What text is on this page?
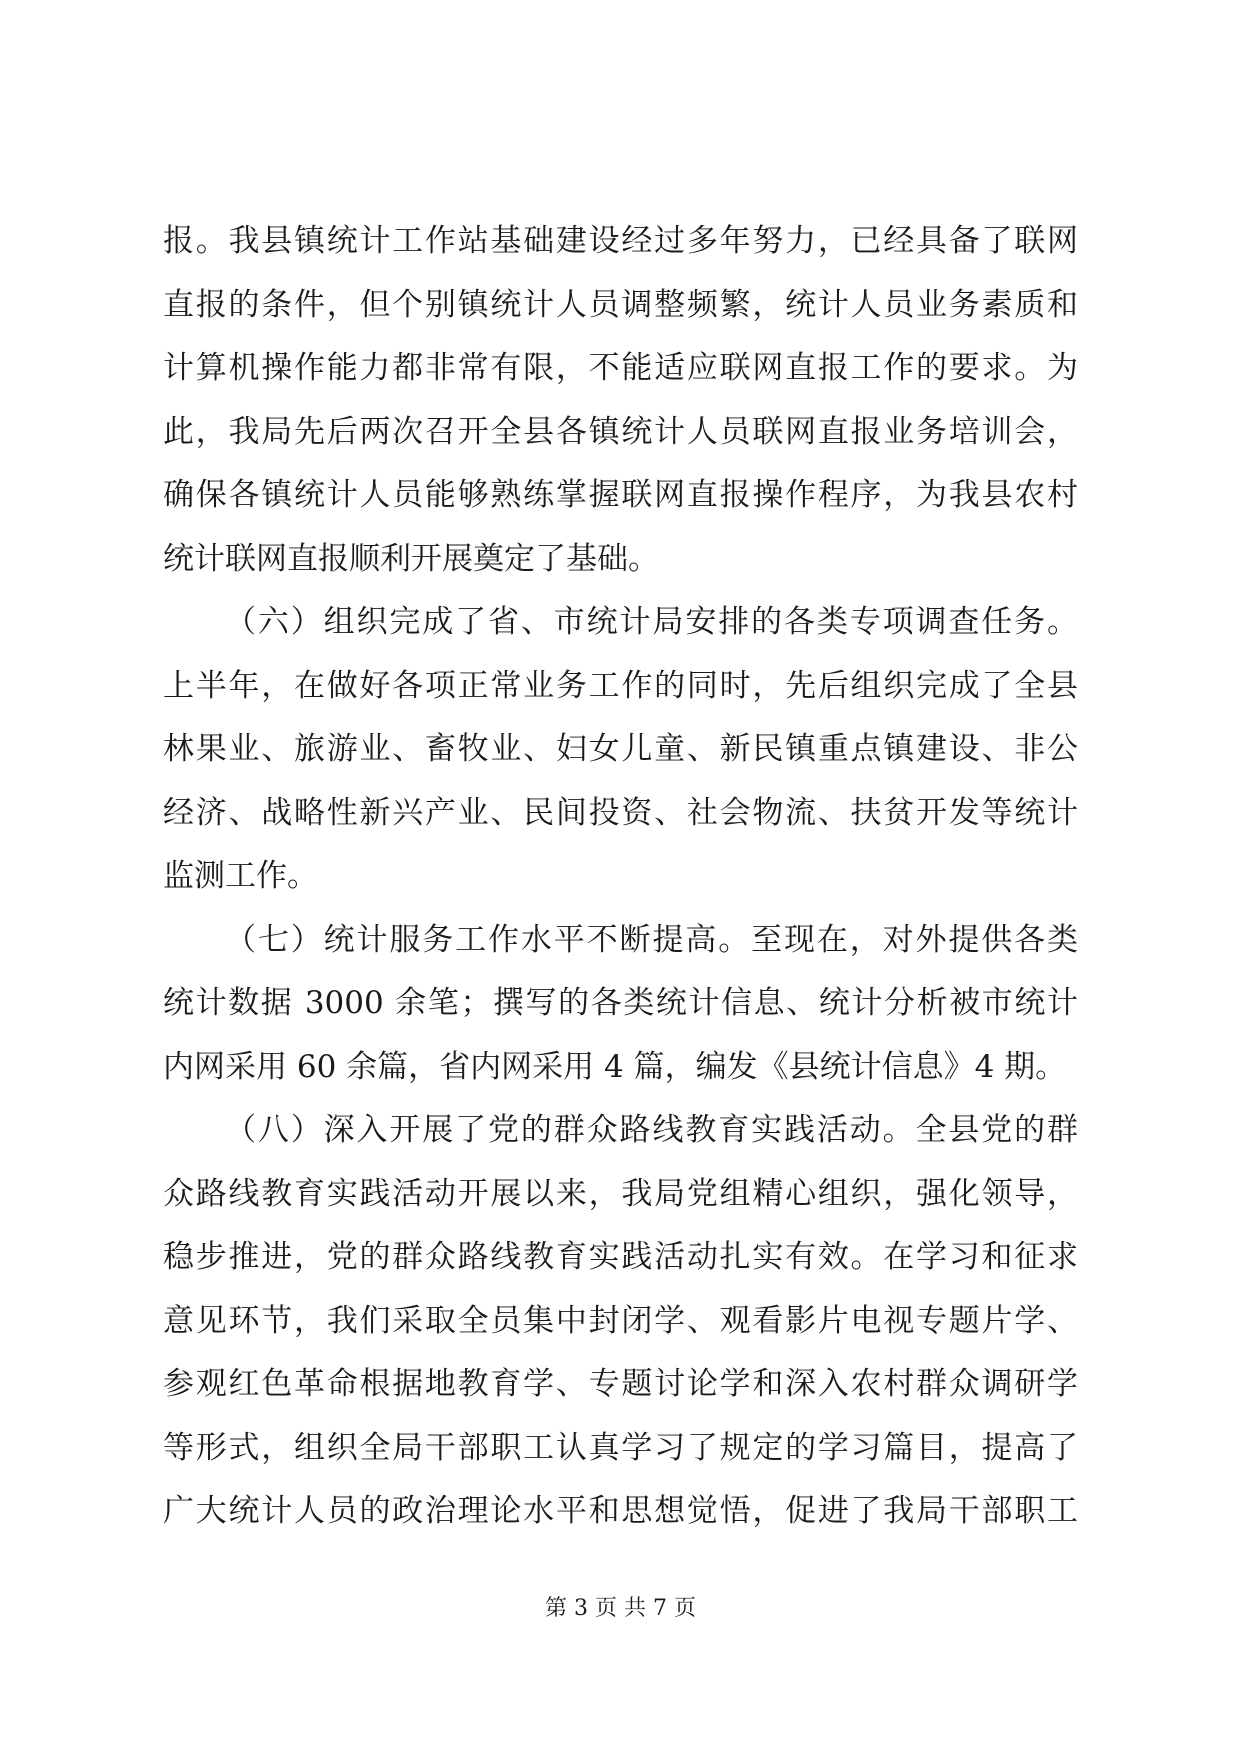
报。我县镇统计工作站基础建设经过多年努力，已经具备了联网
直报的条件，但个别镇统计人员调整频繁，统计人员业务素质和
计算机操作能力都非常有限，不能适应联网直报工作的要求。为
此，我局先后两次召开全县各镇统计人员联网直报业务培训会，
确保各镇统计人员能够熟练掌握联网直报操作程序，为我县农村
统计联网直报顺利开展奠定了基础。
（六）组织完成了省、市统计局安排的各类专项调查任务。
上半年，在做好各项正常业务工作的同时，先后组织完成了全县
林果业、旅游业、畜牧业、妇女儿童、新民镇重点镇建设、非公
经济、战略性新兴产业、民间投资、社会物流、扶贫开发等统计
监测工作。
（七）统计服务工作水平不断提高。至现在，对外提供各类
统计数据 3000 余笔；撰写的各类统计信息、统计分析被市统计
内网采用 60 余篇，省内网采用 4 篇，编发《县统计信息》4 期。
（八）深入开展了党的群众路线教育实践活动。全县党的群
众路线教育实践活动开展以来，我局党组精心组织，强化领导，
稳步推进，党的群众路线教育实践活动扎实有效。在学习和征求
意见环节，我们采取全员集中封闭学、观看影片电视专题片学、
参观红色革命根据地教育学、专题讨论学和深入农村群众调研学
等形式，组织全局干部职工认真学习了规定的学习篇目，提高了
广大统计人员的政治理论水平和思想觉悟，促进了我局干部职工
第 3 页 共 7 页
